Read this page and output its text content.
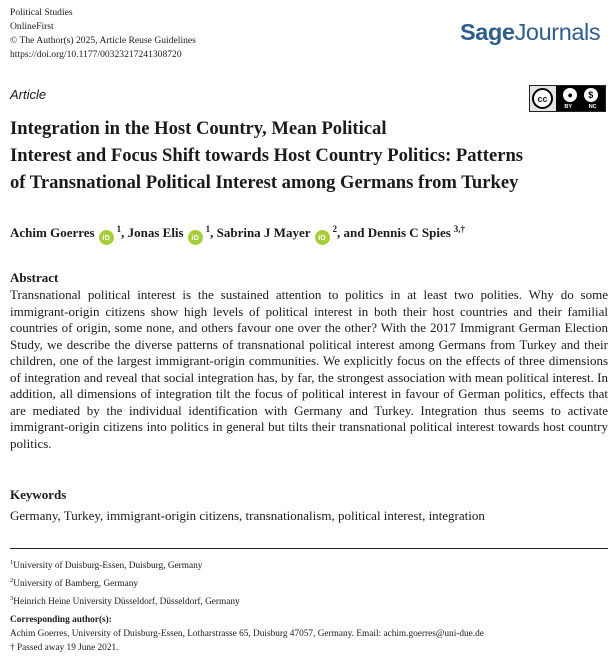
Political Studies
OnlineFirst
© The Author(s) 2025, Article Reuse Guidelines
https://doi.org/10.1177/00323217241308720
SageJournals
Article	cc	●	$
BY	NC
Integration in the Host Country, Mean Political
Interest and Focus Shift towards Host Country Politics: Patterns
of Transnational Political Interest among Germans from Turkey
Achim Goerres iD$^1$, Jonas Elis iD$^1$, Sabrina J Mayer iD$^2$, and Dennis C Spies $^{3,\dagger}$
Abstract
Transnational political interest is the sustained attention to politics in at least two polities. Why do some immigrant-origin citizens show high levels of political interest in both their host countries and their familial countries of origin, some none, and others favour one over the other? With the 2017 Immigrant German Election Study, we describe the diverse patterns of transnational political interest among Germans from Turkey and their children, one of the largest immigrant-origin communities. We explicitly focus on the effects of three dimensions of integration and reveal that social integration has, by far, the strongest association with mean political interest. In addition, all dimensions of integration tilt the focus of political interest in favour of German politics, effects that are mediated by the individual identification with Germany and Turkey. Integration thus seems to activate immigrant-origin citizens into politics in general but tilts their transnational political interest towards host country politics.
Keywords
Germany, Turkey, immigrant-origin citizens, transnationalism, political interest, integration
$^1$University of Duisburg-Essen, Duisburg, Germany
$^2$University of Bamberg, Germany
$^3$Heinrich Heine University Düsseldorf, Düsseldorf, Germany
Corresponding author(s):
Achim Goerres, University of Duisburg-Essen, Lotharstrasse 65, Duisburg 47057, Germany. Email: achim.goerres@uni-due.de
† Passed away 19 June 2021.
